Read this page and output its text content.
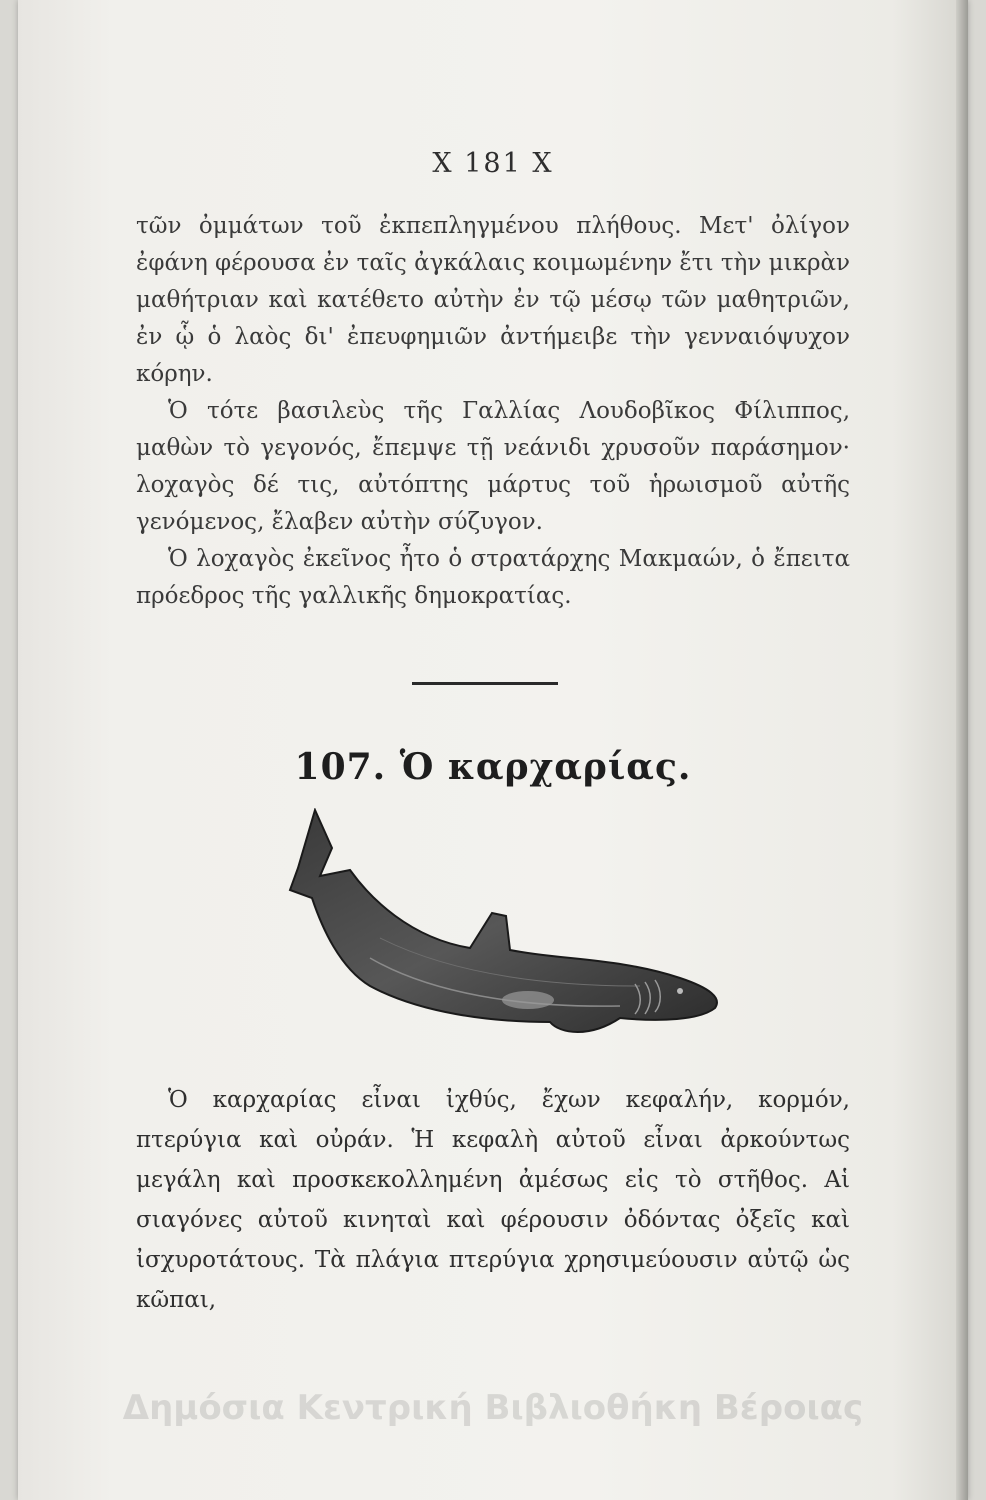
Χ 181 Χ

τῶν ὀμμάτων τοῦ ἐκπεπληγμένου πλήθους. Μετ' ὀλίγον ἐφάνη φέρουσα ἐν ταῖς ἀγκάλαις κοιμωμένην ἔτι τὴν μικρὰν μαθήτριαν καὶ κατέθετο αὐτὴν ἐν τῷ μέσῳ τῶν μαθητριῶν, ἐν ᾧ ὁ λαὸς δι' ἐπευφημιῶν ἀντήμειβε τὴν γενναιόψυχον κόρην.

Ὁ τότε βασιλεὺς τῆς Γαλλίας Λουδοβῖκος Φίλιππος, μαθὼν τὸ γεγονός, ἔπεμψε τῇ νεάνιδι χρυσοῦν παράσημον· λοχαγὸς δέ τις, αὐτόπτης μάρτυς τοῦ ἡρωισμοῦ αὐτῆς γενόμενος, ἔλαβεν αὐτὴν σύζυγον.

Ὁ λοχαγὸς ἐκεῖνος ἦτο ὁ στρατάρχης Μακμαών, ὁ ἔπειτα πρόεδρος τῆς γαλλικῆς δημοκρατίας.

107. Ὁ καρχαρίας.

Ὁ καρχαρίας εἶναι ἰχθύς, ἔχων κεφαλήν, κορμόν, πτερύγια καὶ οὐράν. Ἡ κεφαλὴ αὐτοῦ εἶναι ἀρκούντως μεγάλη καὶ προσκεκολλημένη ἀμέσως εἰς τὸ στῆθος. Αἱ σιαγόνες αὐτοῦ κινηταὶ καὶ φέρουσιν ὀδόντας ὀξεῖς καὶ ἰσχυροτάτους. Τὰ πλάγια πτερύγια χρησιμεύουσιν αὐτῷ ὡς κῶπαι,

Δημόσια Κεντρική Βιβλιοθήκη Βέροιας
